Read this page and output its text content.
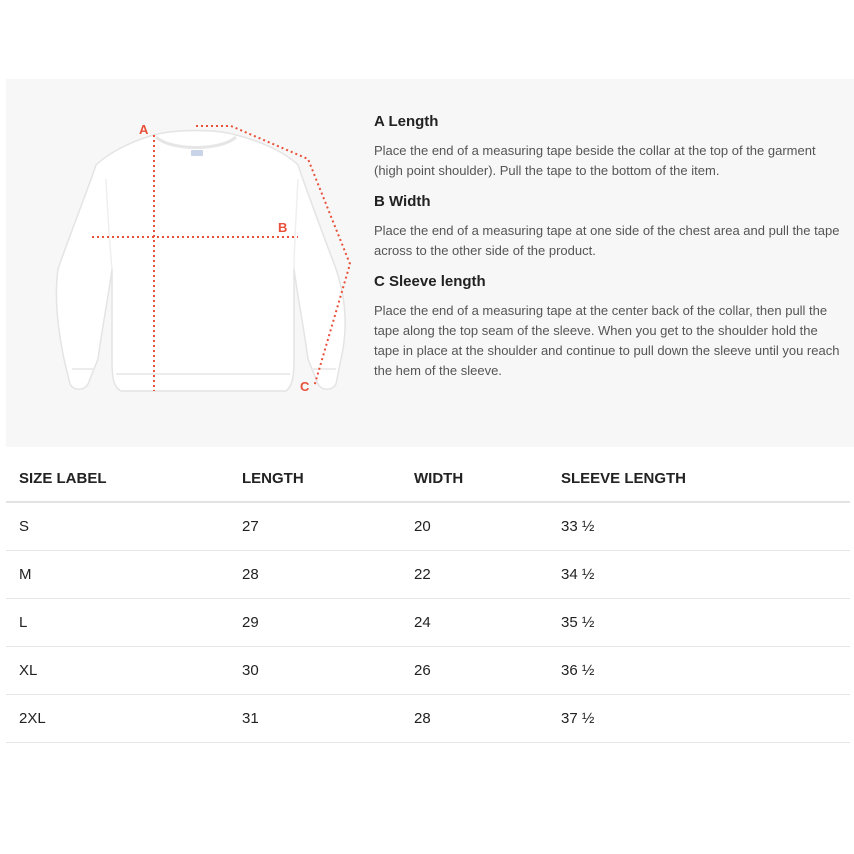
A
B
C
A Length

Place the end of a measuring tape beside the collar at the top of the garment (high point shoulder). Pull the tape to the bottom of the item.

B Width

Place the end of a measuring tape at one side of the chest area and pull the tape across to the other side of the product.

C Sleeve length

Place the end of a measuring tape at the center back of the collar, then pull the tape along the top seam of the sleeve. When you get to the shoulder hold the tape in place at the shoulder and continue to pull down the sleeve until you reach the hem of the sleeve.

SIZE LABEL	LENGTH	WIDTH	SLEEVE LENGTH
S	27	20	33 ½
M	28	22	34 ½
L	29	24	35 ½
XL	30	26	36 ½
2XL	31	28	37 ½
